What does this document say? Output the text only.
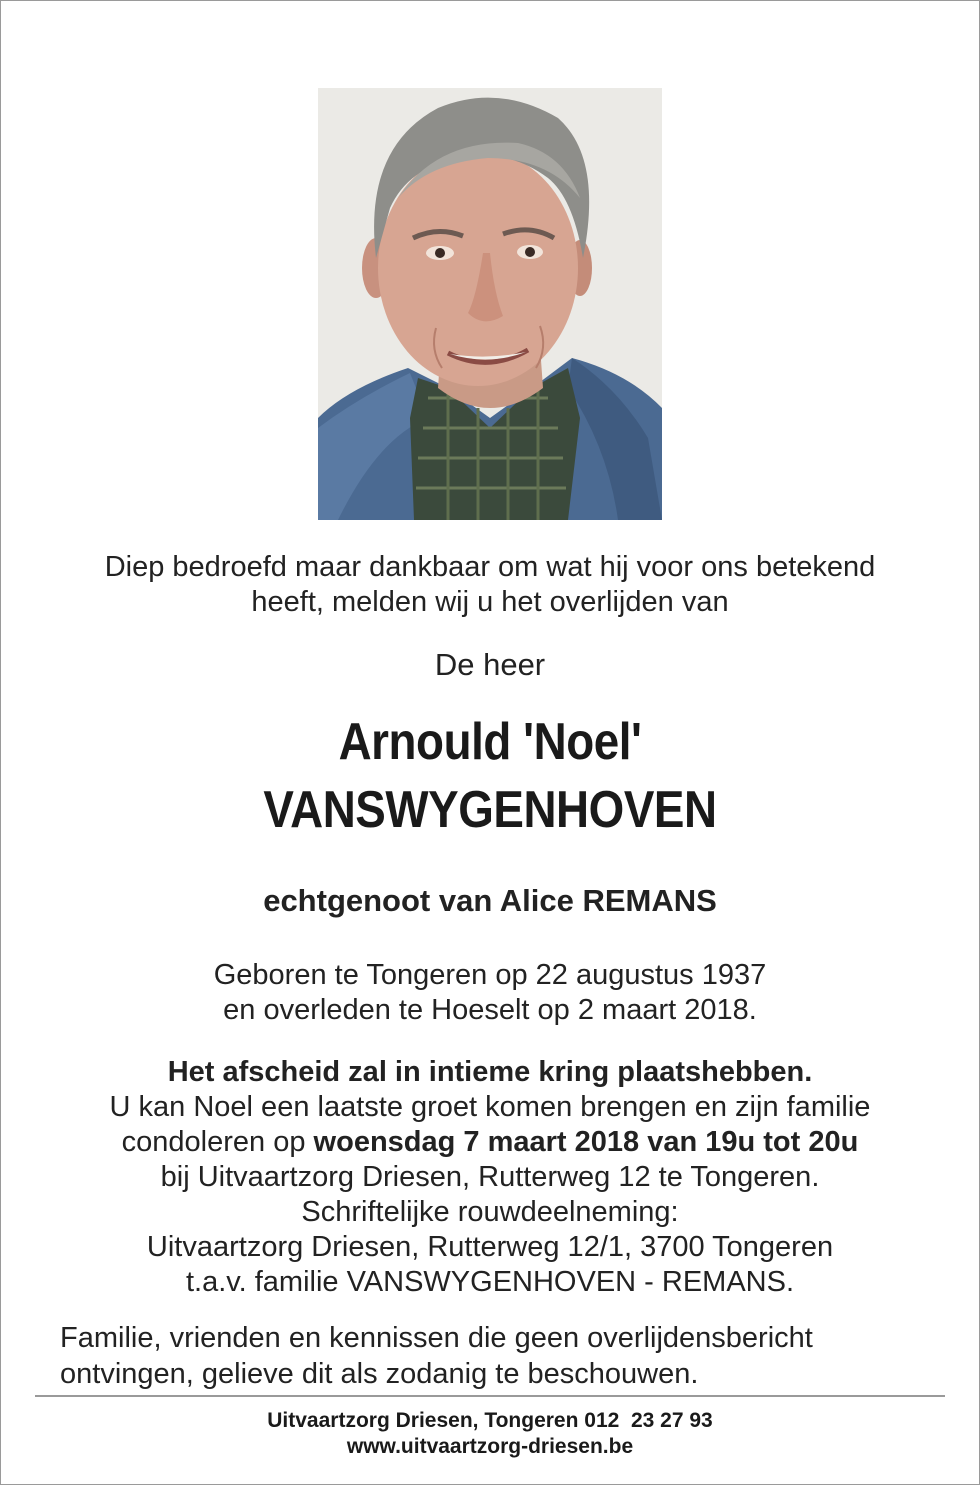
Diep bedroefd maar dankbaar om wat hij voor ons betekend
heeft, melden wij u het overlijden van
De heer
Arnould 'Noel'
VANSWYGENHOVEN
echtgenoot van Alice REMANS
Geboren te Tongeren op 22 augustus 1937
en overleden te Hoeselt op 2 maart 2018.
Het afscheid zal in intieme kring plaatshebben.
U kan Noel een laatste groet komen brengen en zijn familie
condoleren op woensdag 7 maart 2018 van 19u tot 20u
bij Uitvaartzorg Driesen, Rutterweg 12 te Tongeren.
Schriftelijke rouwdeelneming:
Uitvaartzorg Driesen, Rutterweg 12/1, 3700 Tongeren
t.a.v. familie VANSWYGENHOVEN - REMANS.
Familie, vrienden en kennissen die geen overlijdensbericht
ontvingen, gelieve dit als zodanig te beschouwen.
Uitvaartzorg Driesen, Tongeren 012  23 27 93
www.uitvaartzorg-driesen.be
